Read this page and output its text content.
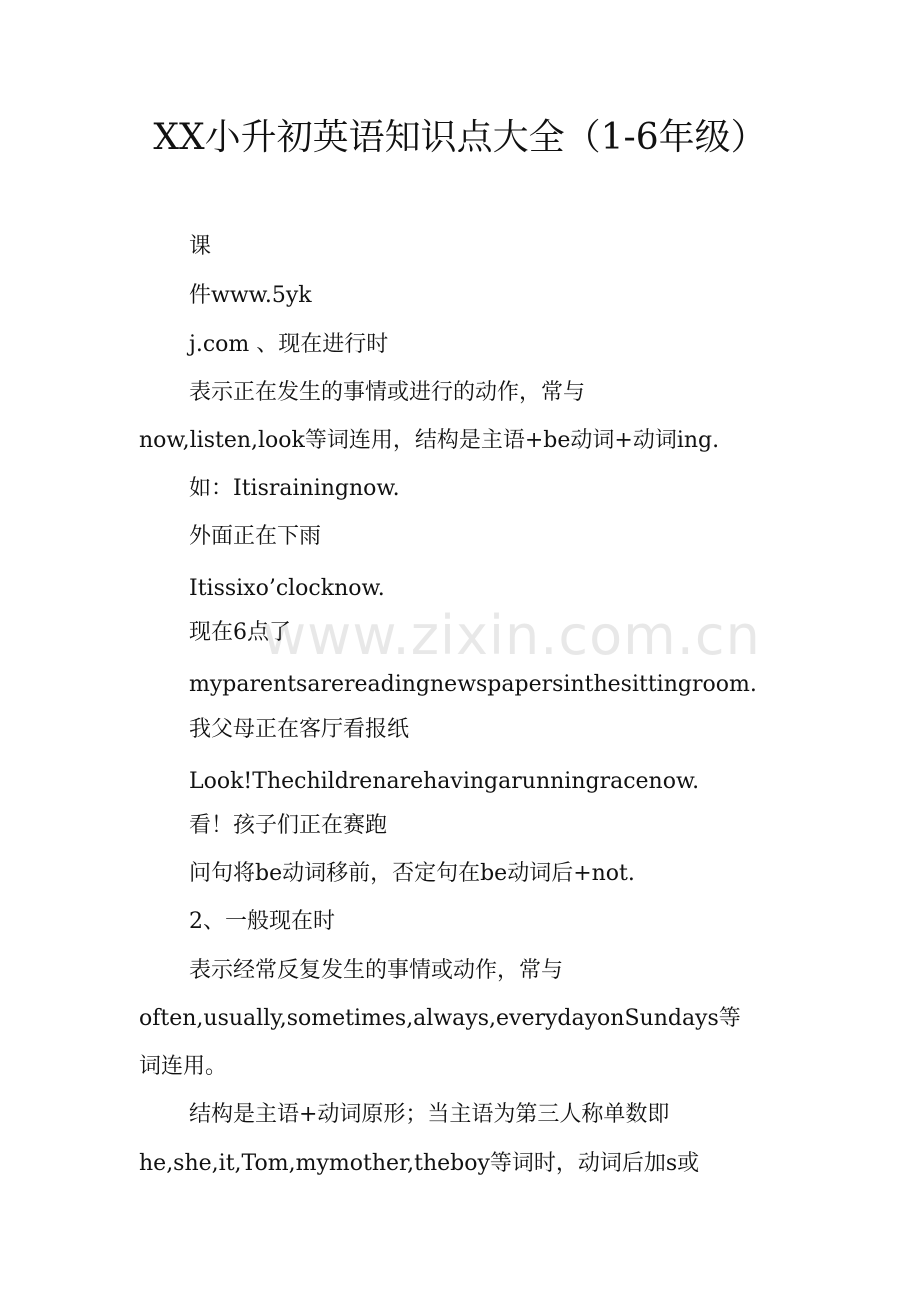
XX小升初英语知识点大全（1-6年级）
课
件www.5yk
j.com 、现在进行时
表示正在发生的事情或进行的动作，常与
now,listen,look等词连用，结构是主语+be动词+动词ing.
如：Itisrainingnow.
外面正在下雨
Itissixo’clocknow.
现在6点了
myparentsarereadingnewspapersinthesittingroom.
我父母正在客厅看报纸
Look!Thechildrenarehavingarunningracenow.
看！孩子们正在赛跑
问句将be动词移前，否定句在be动词后+not.
2、一般现在时
表示经常反复发生的事情或动作，常与
often,usually,sometimes,always,everydayonSundays等
词连用。
结构是主语+动词原形；当主语为第三人称单数即
he,she,it,Tom,mymother,theboy等词时，动词后加s或
www.zixin.com.cn
